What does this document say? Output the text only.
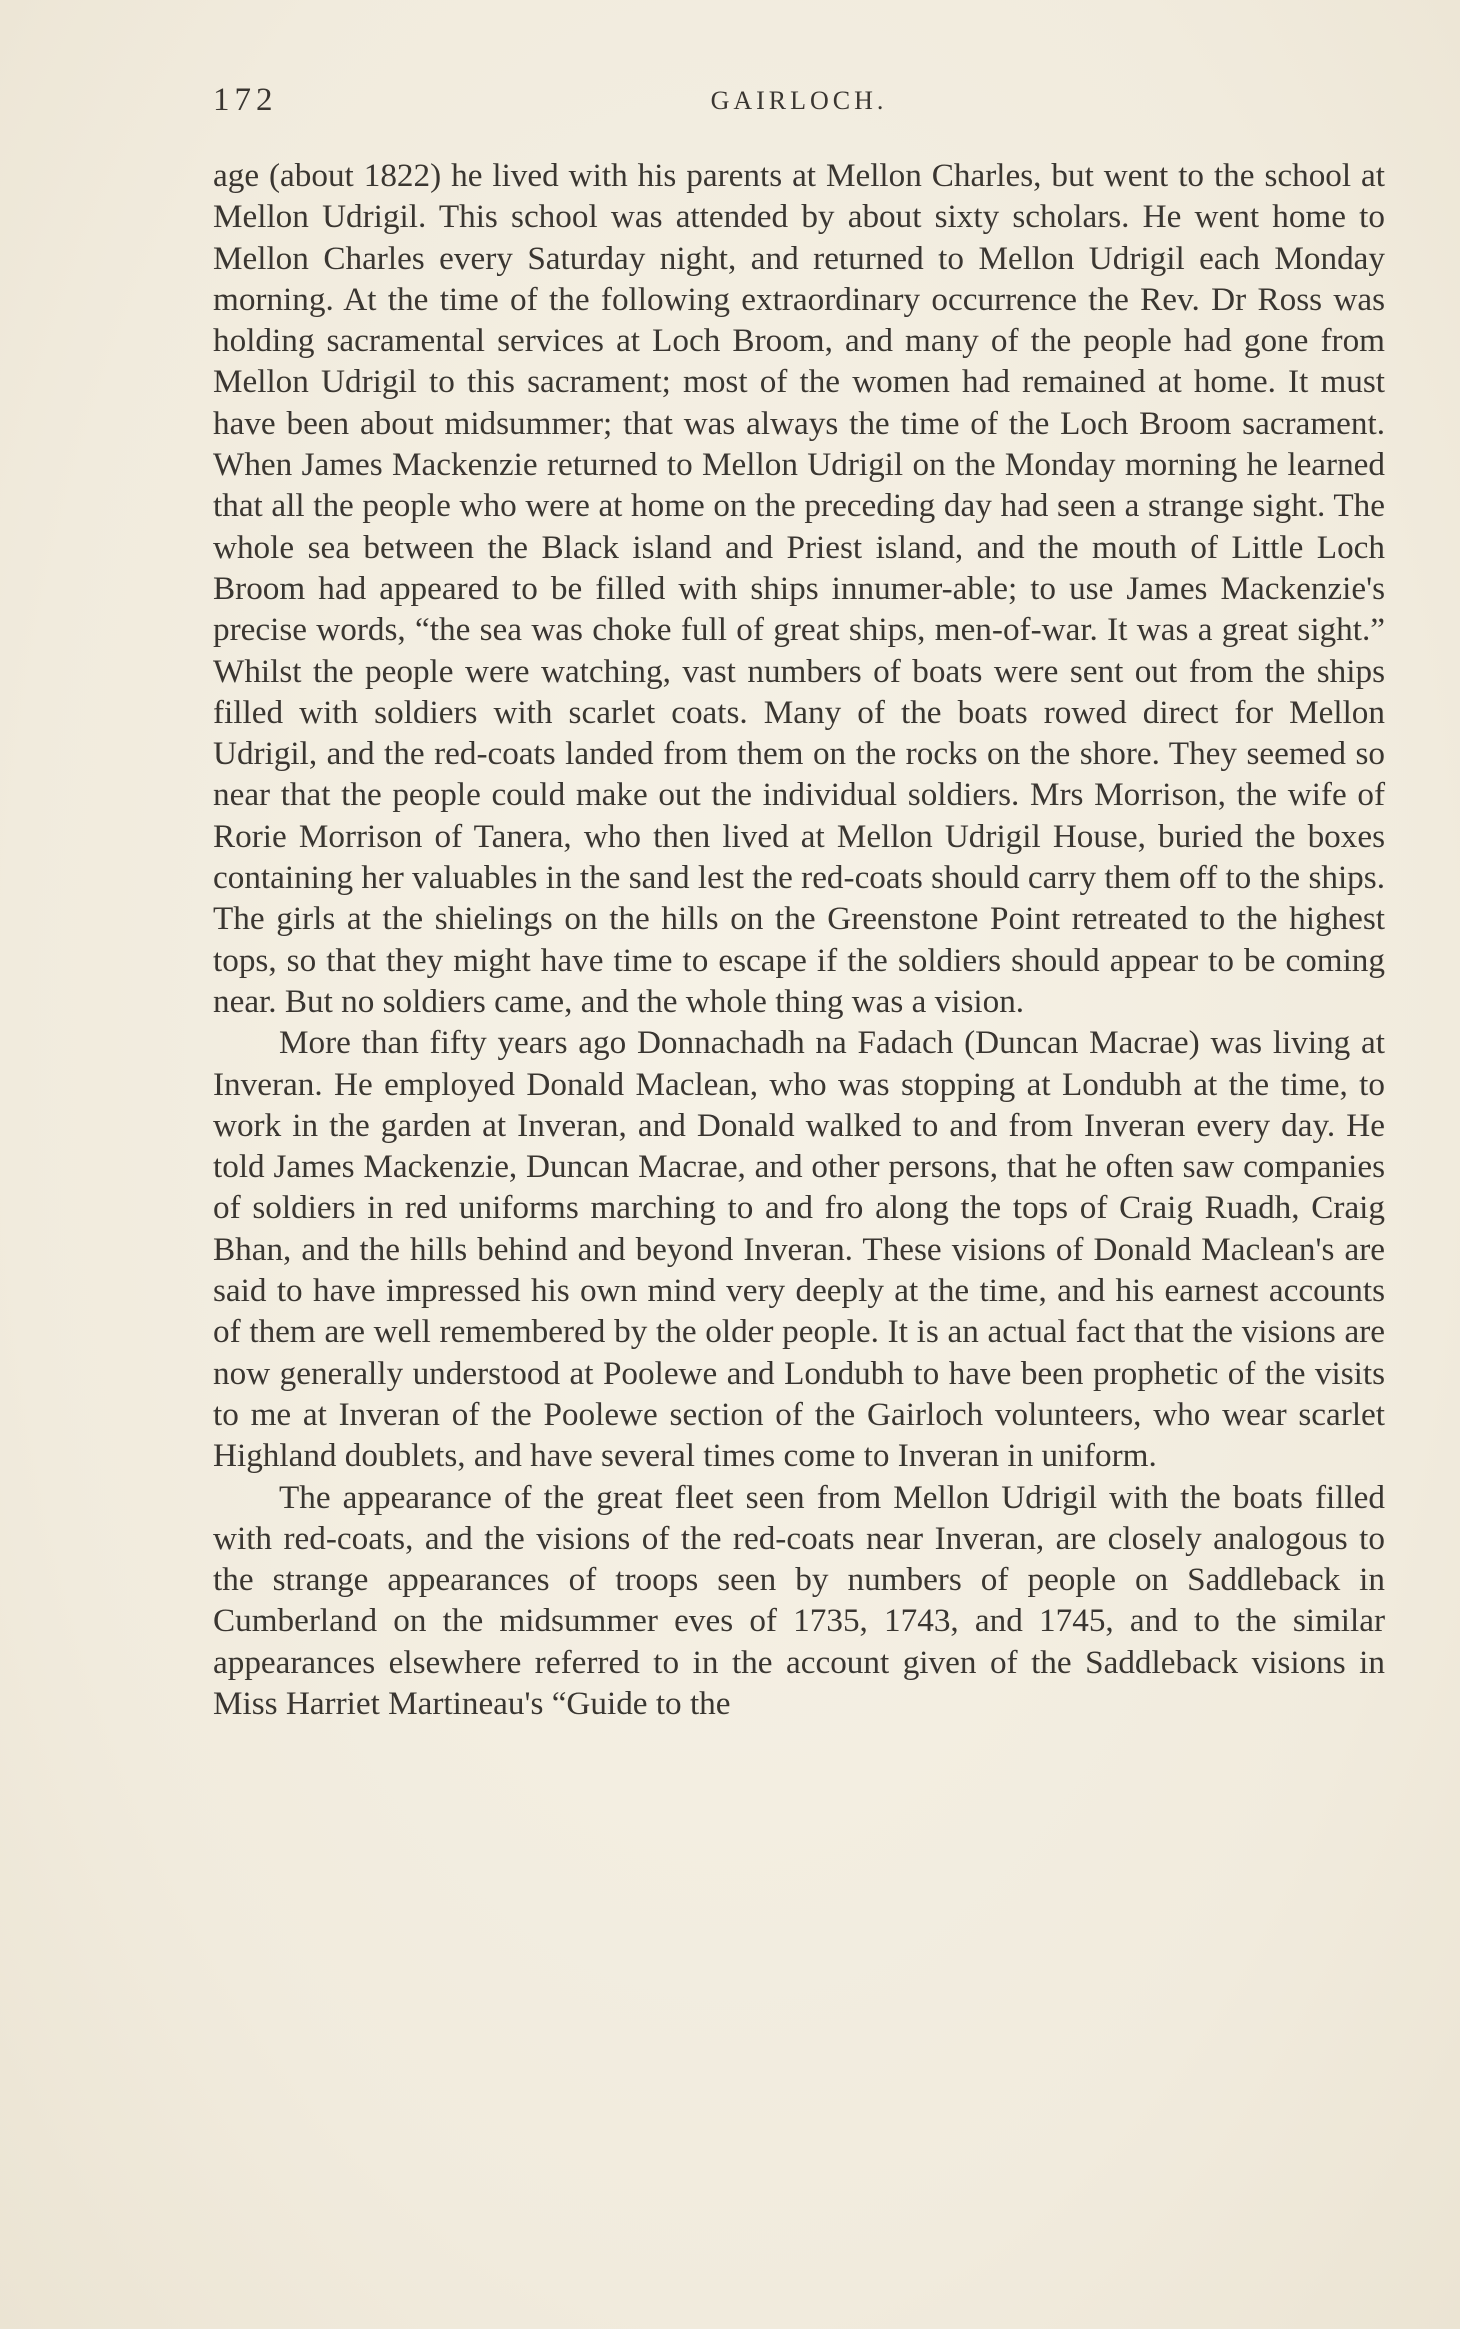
172	GAIRLOCH.

age (about 1822) he lived with his parents at Mellon Charles, but went to the school at Mellon Udrigil. This school was attended by about sixty scholars. He went home to Mellon Charles every Saturday night, and returned to Mellon Udrigil each Monday morning. At the time of the following extraordinary occurrence the Rev. Dr Ross was holding sacramental services at Loch Broom, and many of the people had gone from Mellon Udrigil to this sacrament; most of the women had remained at home. It must have been about midsummer; that was always the time of the Loch Broom sacrament. When James Mackenzie returned to Mellon Udrigil on the Monday morning he learned that all the people who were at home on the preceding day had seen a strange sight. The whole sea between the Black island and Priest island, and the mouth of Little Loch Broom had appeared to be filled with ships innumer-able; to use James Mackenzie's precise words, “the sea was choke full of great ships, men-of-war. It was a great sight.” Whilst the people were watching, vast numbers of boats were sent out from the ships filled with soldiers with scarlet coats. Many of the boats rowed direct for Mellon Udrigil, and the red-coats landed from them on the rocks on the shore. They seemed so near that the people could make out the individual soldiers. Mrs Morrison, the wife of Rorie Morrison of Tanera, who then lived at Mellon Udrigil House, buried the boxes containing her valuables in the sand lest the red-coats should carry them off to the ships. The girls at the shielings on the hills on the Greenstone Point retreated to the highest tops, so that they might have time to escape if the soldiers should appear to be coming near. But no soldiers came, and the whole thing was a vision.

More than fifty years ago Donnachadh na Fadach (Duncan Macrae) was living at Inveran. He employed Donald Maclean, who was stopping at Londubh at the time, to work in the garden at Inveran, and Donald walked to and from Inveran every day. He told James Mackenzie, Duncan Macrae, and other persons, that he often saw companies of soldiers in red uniforms marching to and fro along the tops of Craig Ruadh, Craig Bhan, and the hills behind and beyond Inveran. These visions of Donald Maclean's are said to have impressed his own mind very deeply at the time, and his earnest accounts of them are well remembered by the older people. It is an actual fact that the visions are now generally understood at Poolewe and Londubh to have been prophetic of the visits to me at Inveran of the Poolewe section of the Gairloch volunteers, who wear scarlet Highland doublets, and have several times come to Inveran in uniform.

The appearance of the great fleet seen from Mellon Udrigil with the boats filled with red-coats, and the visions of the red-coats near Inveran, are closely analogous to the strange appearances of troops seen by numbers of people on Saddleback in Cumberland on the midsummer eves of 1735, 1743, and 1745, and to the similar appearances elsewhere referred to in the account given of the Saddleback visions in Miss Harriet Martineau's “Guide to the
